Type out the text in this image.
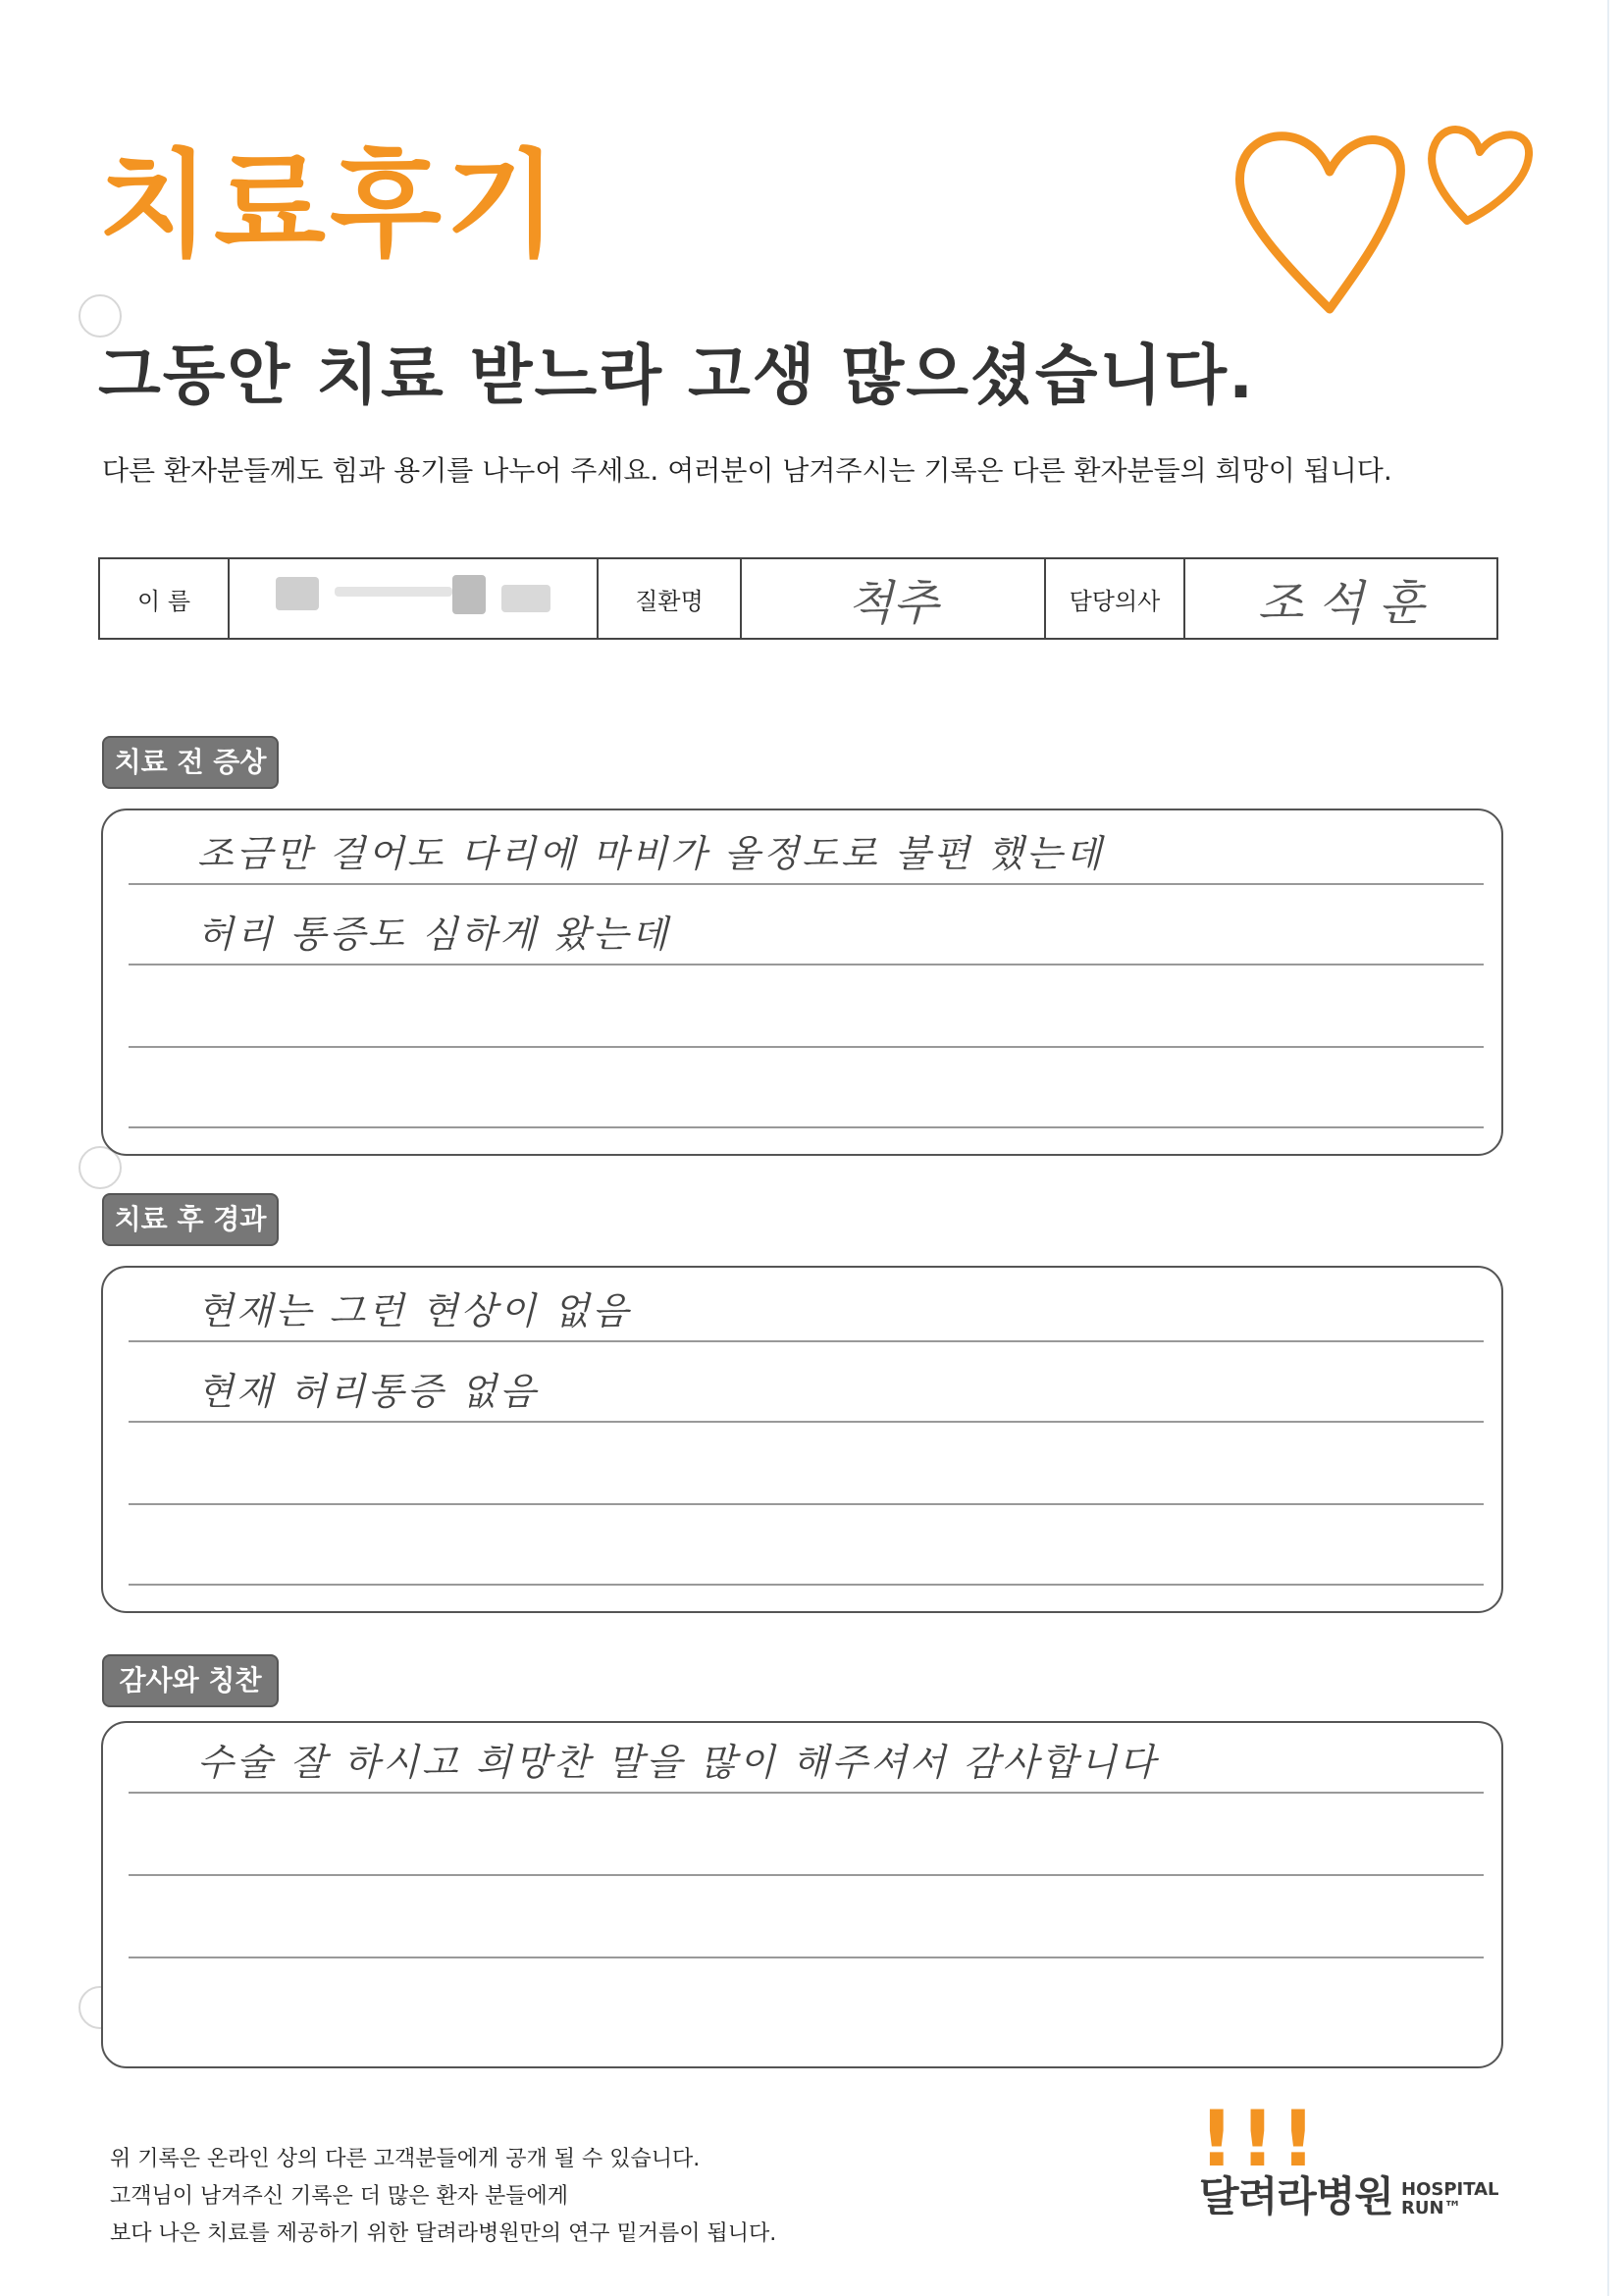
치료후기
그동안 치료 받느라 고생 많으셨습니다.
다른 환자분들께도 힘과 용기를 나누어 주세요. 여러분이 남겨주시는 기록은 다른 환자분들의 희망이 됩니다.
이 름		질환명	척추	담당의사	조 석 훈
치료 전 증상
조금만 걸어도 다리에 마비가 올정도로 불편 했는데
허리 통증도 심하게 왔는데
치료 후 경과
현재는 그런 현상이 없음
현재 허리통증 없음
감사와 칭찬
수술 잘 하시고 희망찬 말을 많이 해주셔서 감사합니다
위 기록은 온라인 상의 다른 고객분들에게 공개 될 수 있습니다.
고객님이 남겨주신 기록은 더 많은 환자 분들에게
보다 나은 치료를 제공하기 위한 달려라병원만의 연구 밑거름이 됩니다.
!!!
달려라병원 HOSPITAL
RUN™
